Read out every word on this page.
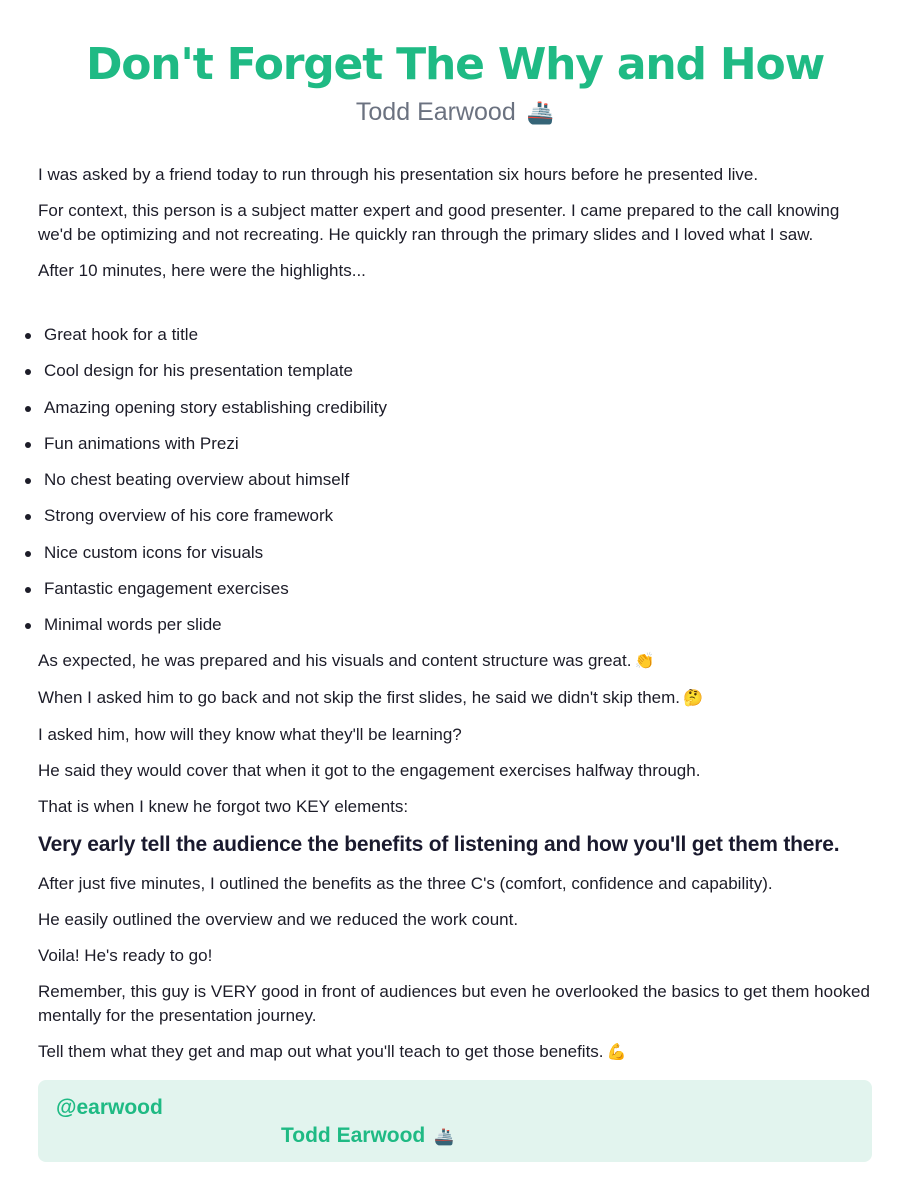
Don't Forget The Why and How
Todd Earwood 🚢

I was asked by a friend today to run through his presentation six hours before he presented live.

For context, this person is a subject matter expert and good presenter. I came prepared to the call knowing we'd be optimizing and not recreating. He quickly ran through the primary slides and I loved what I saw.

After 10 minutes, here were the highlights...

Great hook for a title
Cool design for his presentation template
Amazing opening story establishing credibility
Fun animations with Prezi
No chest beating overview about himself
Strong overview of his core framework
Nice custom icons for visuals
Fantastic engagement exercises
Minimal words per slide

As expected, he was prepared and his visuals and content structure was great. 👏

When I asked him to go back and not skip the first slides, he said we didn't skip them. 🤔

I asked him, how will they know what they'll be learning?

He said they would cover that when it got to the engagement exercises halfway through.

That is when I knew he forgot two KEY elements:

Very early tell the audience the benefits of listening and how you'll get them there.

After just five minutes, I outlined the benefits as the three C's (comfort, confidence and capability).

He easily outlined the overview and we reduced the work count.

Voila! He's ready to go!

Remember, this guy is VERY good in front of audiences but even he overlooked the basics to get them hooked mentally for the presentation journey.

Tell them what they get and map out what you'll teach to get those benefits. 💪

@earwood
Todd Earwood 🚢
